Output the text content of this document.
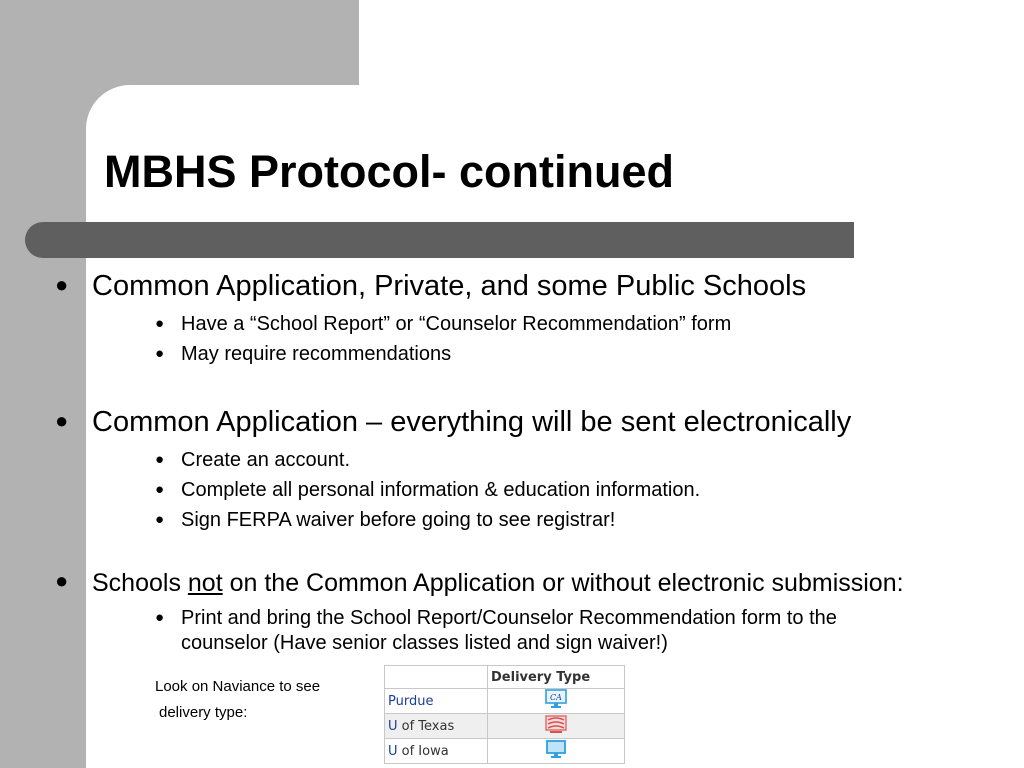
MBHS Protocol- continued
● Common Application, Private, and some Public Schools
● Have a “School Report” or “Counselor Recommendation” form
● May require recommendations
● Common Application – everything will be sent electronically
● Create an account.
● Complete all personal information & education information.
● Sign FERPA waiver before going to see registrar!
● Schools not on the Common Application or without electronic submission:
● Print and bring the School Report/Counselor Recommendation form to the
counselor (Have senior classes listed and sign waiver!)
Look on Naviance to see
delivery type:
	Delivery Type
Purdue	CA

U of Texas	
U of Iowa	
